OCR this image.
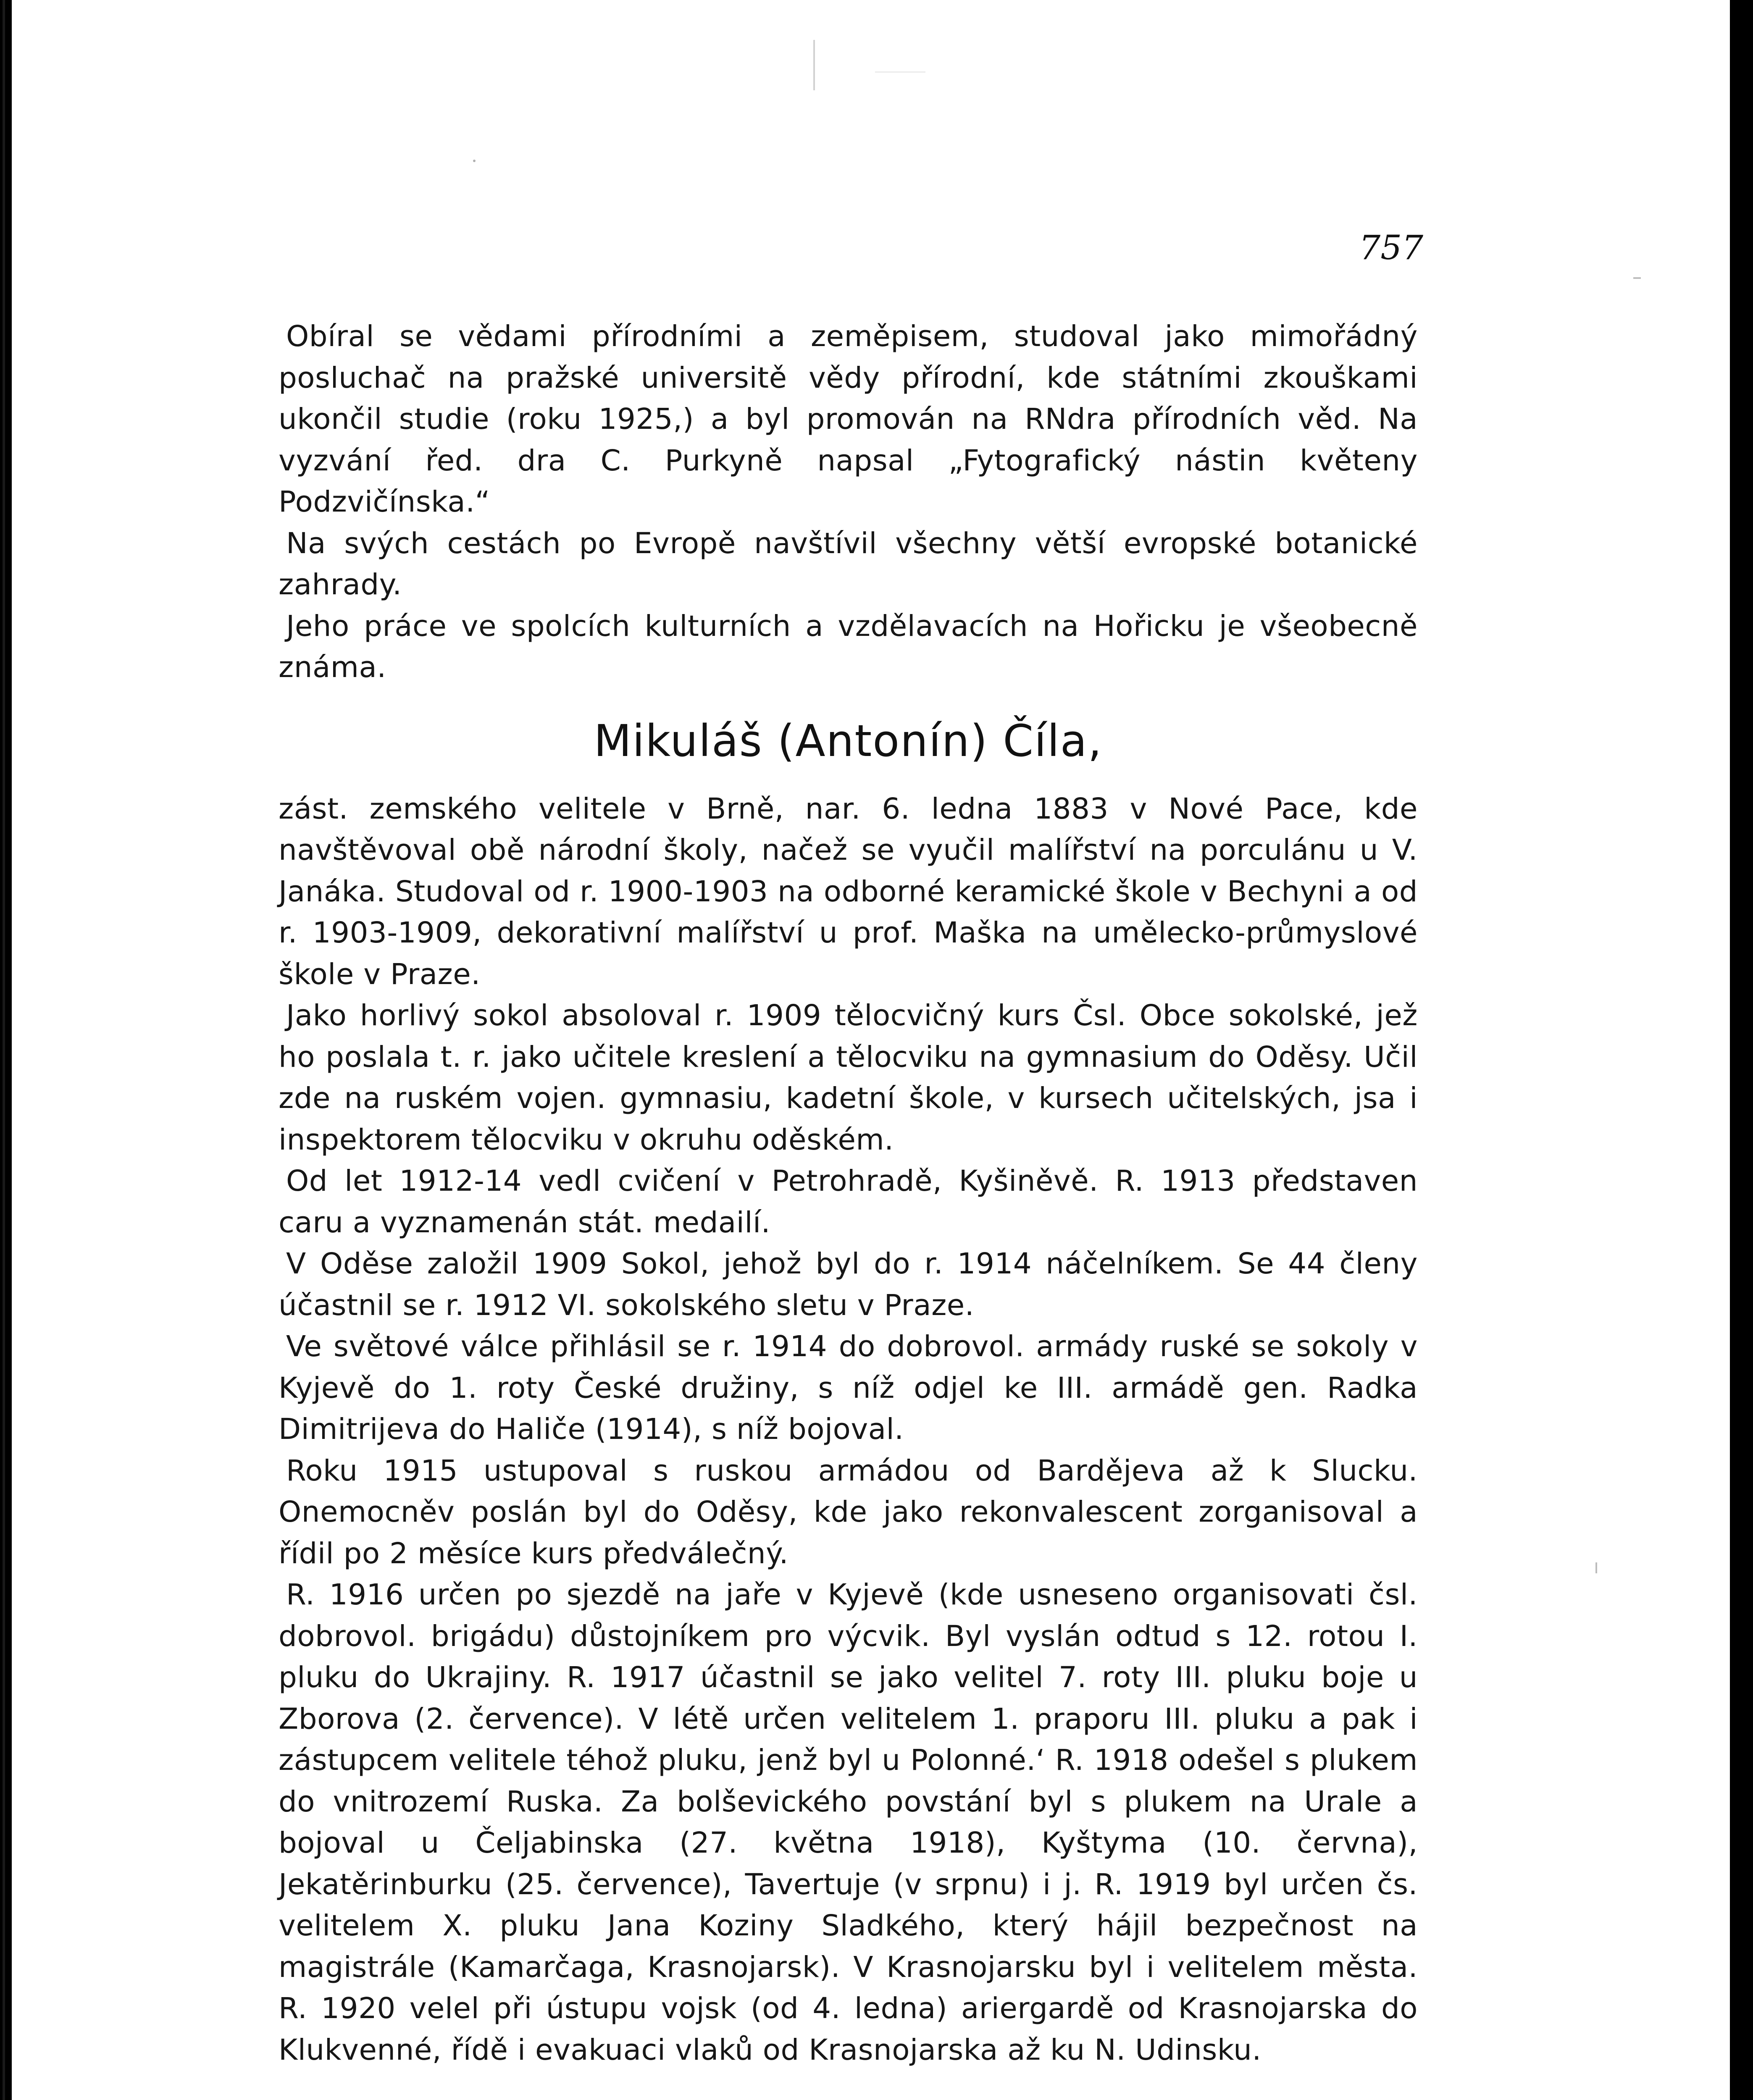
757

Obíral se vědami přírodními a zeměpisem, studoval jako mimořádný posluchač na pražské universitě vědy přírodní, kde státními zkouškami ukončil studie (roku 1925,) a byl promován na RNdra přírodních věd. Na vyzvání řed. dra C. Purkyně napsal „Fytografický nástin květeny Podzvičínska.“

Na svých cestách po Evropě navštívil všechny větší evropské botanické zahrady.

Jeho práce ve spolcích kulturních a vzdělavacích na Hořicku je všeobecně známa.

Mikuláš (Antonín) Číla,

zást. zemského velitele v Brně, nar. 6. ledna 1883 v Nové Pace, kde navštěvoval obě národní školy, načež se vyučil malířství na porculánu u V. Janáka. Studoval od r. 1900-1903 na odborné keramické škole v Bechyni a od r. 1903-1909, dekorativní malířství u prof. Maška na umělecko-průmyslové škole v Praze.

Jako horlivý sokol absoloval r. 1909 tělocvičný kurs Čsl. Obce sokolské, jež ho poslala t. r. jako učitele kreslení a tělocviku na gymnasium do Oděsy. Učil zde na ruském vojen. gymnasiu, kadetní škole, v kursech učitelských, jsa i inspektorem tělocviku v okruhu oděském.

Od let 1912-14 vedl cvičení v Petrohradě, Kyšiněvě. R. 1913 představen caru a vyznamenán stát. medailí.

V Oděse založil 1909 Sokol, jehož byl do r. 1914 náčelníkem. Se 44 členy účastnil se r. 1912 VI. sokolského sletu v Praze.

Ve světové válce přihlásil se r. 1914 do dobrovol. armády ruské se sokoly v Kyjevě do 1. roty České družiny, s níž odjel ke III. armádě gen. Radka Dimitrijeva do Haliče (1914), s níž bojoval.

Roku 1915 ustupoval s ruskou armádou od Bardějeva až k Slucku. Onemocněv poslán byl do Oděsy, kde jako rekonvalescent zorganisoval a řídil po 2 měsíce kurs předválečný.

R. 1916 určen po sjezdě na jaře v Kyjevě (kde usneseno organisovati čsl. dobrovol. brigádu) důstojníkem pro výcvik. Byl vyslán odtud s 12. rotou I. pluku do Ukrajiny. R. 1917 účastnil se jako velitel 7. roty III. pluku boje u Zborova (2. července). V létě určen velitelem 1. praporu III. pluku a pak i zástupcem velitele téhož pluku, jenž byl u Polonné.‘ R. 1918 odešel s plukem do vnitrozemí Ruska. Za bolševického povstání byl s plukem na Urale a bojoval u Čeljabinska (27. května 1918), Kyštyma (10. června), Jekatěrinburku (25. července), Tavertuje (v srpnu) i j. R. 1919 byl určen čs. velitelem X. pluku Jana Koziny Sladkého, který hájil bezpečnost na magistrále (Kamarčaga, Krasnojarsk). V Krasnojarsku byl i velitelem města. R. 1920 velel při ústupu vojsk (od 4. ledna) ariergardě od Krasnojarska do Klukvenné, řídě i evakuaci vlaků od Krasnojarska až ku N. Udinsku.
